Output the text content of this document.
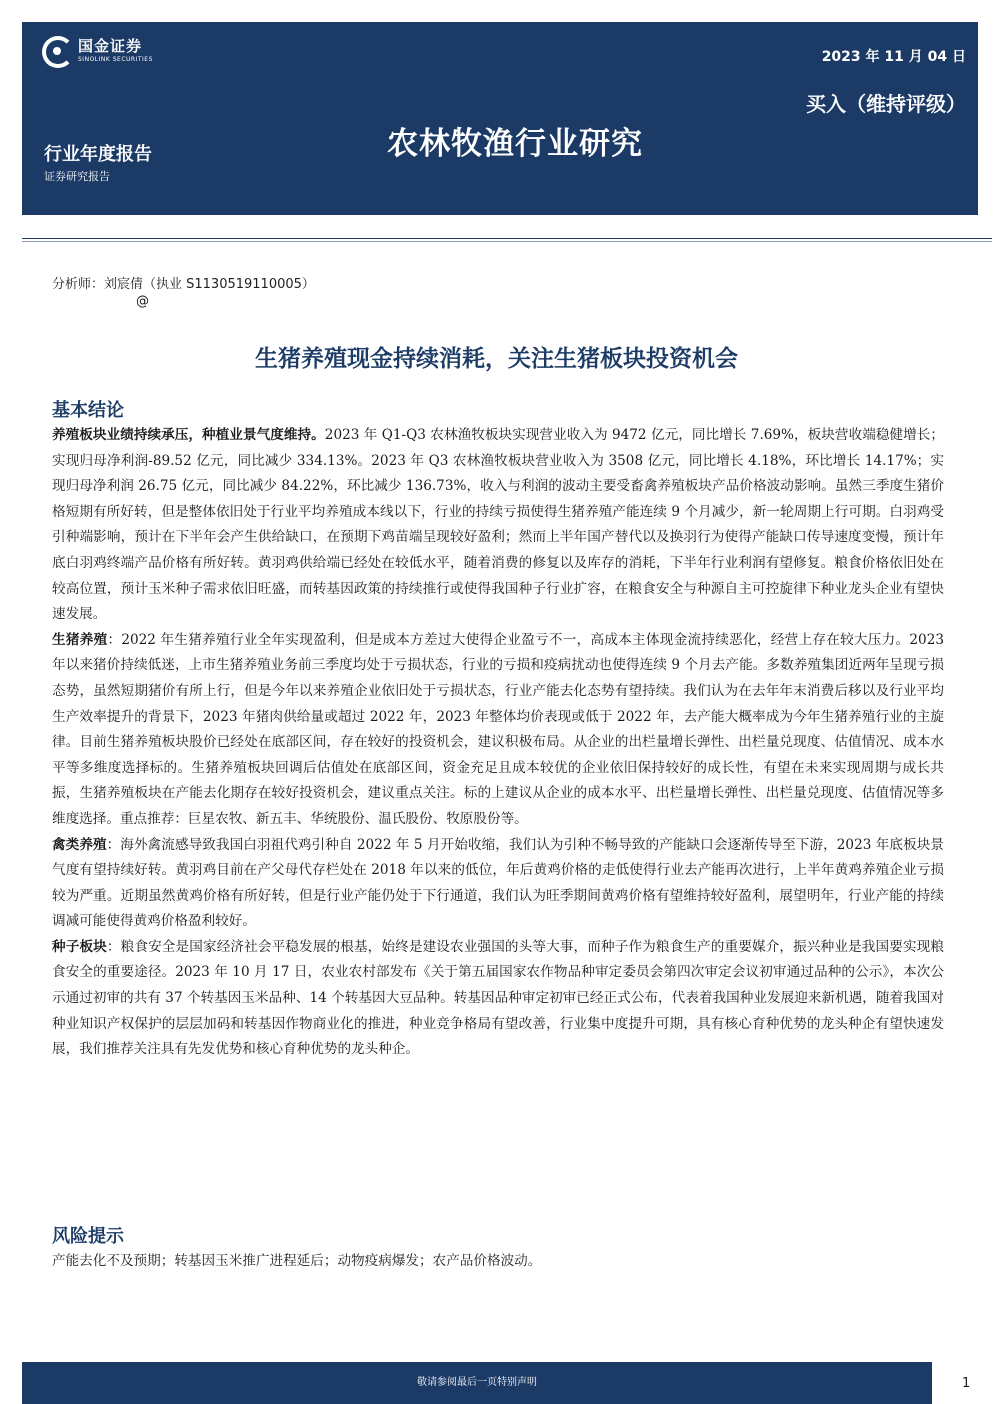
国金证券
SINOLINK SECURITIES	2023 年 11 月 04 日
买入（维持评级）
农林牧渔行业研究
行业年度报告
证券研究报告
分析师：刘宸倩（执业 S1130519110005）
@
生猪养殖现金持续消耗，关注生猪板块投资机会
基本结论

养殖板块业绩持续承压，种植业景气度维持。2023 年 Q1-Q3 农林渔牧板块实现营业收入为 9472 亿元，同比增长 7.69%，板块营收端稳健增长；实现归母净利润-89.52 亿元，同比减少 334.13%。2023 年 Q3 农林渔牧板块营业收入为 3508 亿元，同比增长 4.18%，环比增长 14.17%；实现归母净利润 26.75 亿元，同比减少 84.22%，环比减少 136.73%，收入与利润的波动主要受畜禽养殖板块产品价格波动影响。虽然三季度生猪价格短期有所好转，但是整体依旧处于行业平均养殖成本线以下，行业的持续亏损使得生猪养殖产能连续 9 个月减少，新一轮周期上行可期。白羽鸡受引种端影响，预计在下半年会产生供给缺口，在预期下鸡苗端呈现较好盈利；然而上半年国产替代以及换羽行为使得产能缺口传导速度变慢，预计年底白羽鸡终端产品价格有所好转。黄羽鸡供给端已经处在较低水平，随着消费的修复以及库存的消耗，下半年行业利润有望修复。粮食价格依旧处在较高位置，预计玉米种子需求依旧旺盛，而转基因政策的持续推行或使得我国种子行业扩容，在粮食安全与种源自主可控旋律下种业龙头企业有望快速发展。

生猪养殖：2022 年生猪养殖行业全年实现盈利，但是成本方差过大使得企业盈亏不一，高成本主体现金流持续恶化，经营上存在较大压力。2023 年以来猪价持续低迷，上市生猪养殖业务前三季度均处于亏损状态，行业的亏损和疫病扰动也使得连续 9 个月去产能。多数养殖集团近两年呈现亏损态势，虽然短期猪价有所上行，但是今年以来养殖企业依旧处于亏损状态，行业产能去化态势有望持续。我们认为在去年年末消费后移以及行业平均生产效率提升的背景下，2023 年猪肉供给量或超过 2022 年，2023 年整体均价表现或低于 2022 年，去产能大概率成为今年生猪养殖行业的主旋律。目前生猪养殖板块股价已经处在底部区间，存在较好的投资机会，建议积极布局。从企业的出栏量增长弹性、出栏量兑现度、估值情况、成本水平等多维度选择标的。生猪养殖板块回调后估值处在底部区间，资金充足且成本较优的企业依旧保持较好的成长性，有望在未来实现周期与成长共振，生猪养殖板块在产能去化期存在较好投资机会，建议重点关注。标的上建议从企业的成本水平、出栏量增长弹性、出栏量兑现度、估值情况等多维度选择。重点推荐：巨星农牧、新五丰、华统股份、温氏股份、牧原股份等。

禽类养殖：海外禽流感导致我国白羽祖代鸡引种自 2022 年 5 月开始收缩，我们认为引种不畅导致的产能缺口会逐渐传导至下游，2023 年底板块景气度有望持续好转。黄羽鸡目前在产父母代存栏处在 2018 年以来的低位，年后黄鸡价格的走低使得行业去产能再次进行，上半年黄鸡养殖企业亏损较为严重。近期虽然黄鸡价格有所好转，但是行业产能仍处于下行通道，我们认为旺季期间黄鸡价格有望维持较好盈利，展望明年，行业产能的持续调减可能使得黄鸡价格盈利较好。

种子板块：粮食安全是国家经济社会平稳发展的根基，始终是建设农业强国的头等大事，而种子作为粮食生产的重要媒介，振兴种业是我国要实现粮食安全的重要途径。2023 年 10 月 17 日，农业农村部发布《关于第五届国家农作物品种审定委员会第四次审定会议初审通过品种的公示》，本次公示通过初审的共有 37 个转基因玉米品种、14 个转基因大豆品种。转基因品种审定初审已经正式公布，代表着我国种业发展迎来新机遇，随着我国对种业知识产权保护的层层加码和转基因作物商业化的推进，种业竞争格局有望改善，行业集中度提升可期，具有核心育种优势的龙头种企有望快速发展，我们推荐关注具有先发优势和核心育种优势的龙头种企。

风险提示

产能去化不及预期；转基因玉米推广进程延后；动物疫病爆发；农产品价格波动。

敬请参阅最后一页特别声明	1
